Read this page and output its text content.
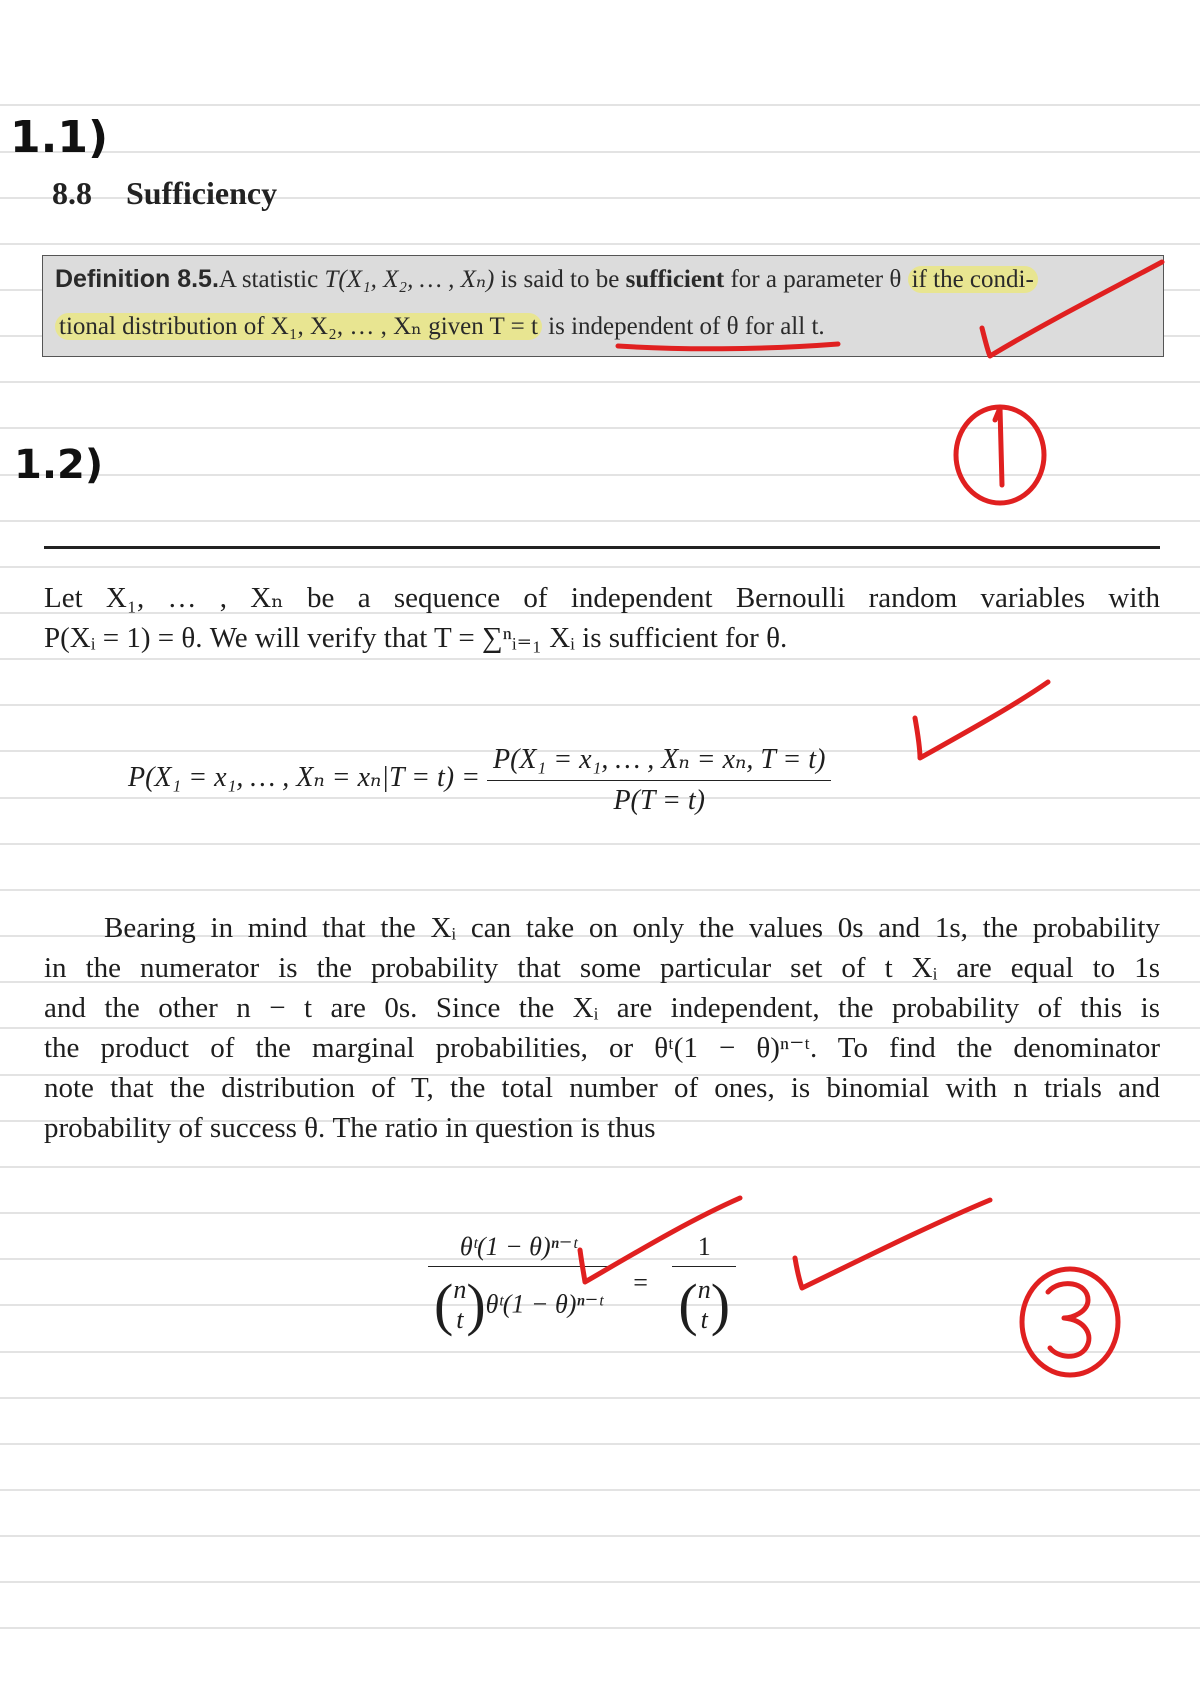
1.1)
1.2)
8.8 Sufficiency
Definition 8.5.A statistic T(X₁, X₂, … , Xₙ) is said to be sufficient for a parameter θ if the condi-
tional distribution of X₁, X₂, … , Xₙ given T = t is independent of θ for all t.
Let X₁, … , Xₙ be a sequence of independent Bernoulli random variables with
P(Xᵢ = 1) = θ. We will verify that T = ∑ⁿᵢ₌₁ Xᵢ is sufficient for θ.
P(X₁ = x₁, … , $X_n = x_n|T = t) = \frac{\text{P(X₁ = x₁, … , Xₙ = xₙ, T = t)}}{P(T = t)}$
Bearing in mind that the Xᵢ can take on only the values 0s and 1s, the probability
in the numerator is the probability that some particular set of t Xᵢ are equal to 1s
and the other n − t are 0s. Since the Xᵢ are independent, the probability of this is
the product of the marginal probabilities, or θᵗ(1 − θ)ⁿ⁻ᵗ. To find the denominator
note that the distribution of T, the total number of ones, is binomial with n trials and
probability of success θ. The ratio in question is thus
θᵗ(1 − θ)ⁿ⁻ᵗ
( n
t )θᵗ(1 − θ)ⁿ⁻ᵗ = 1
( n
t )
